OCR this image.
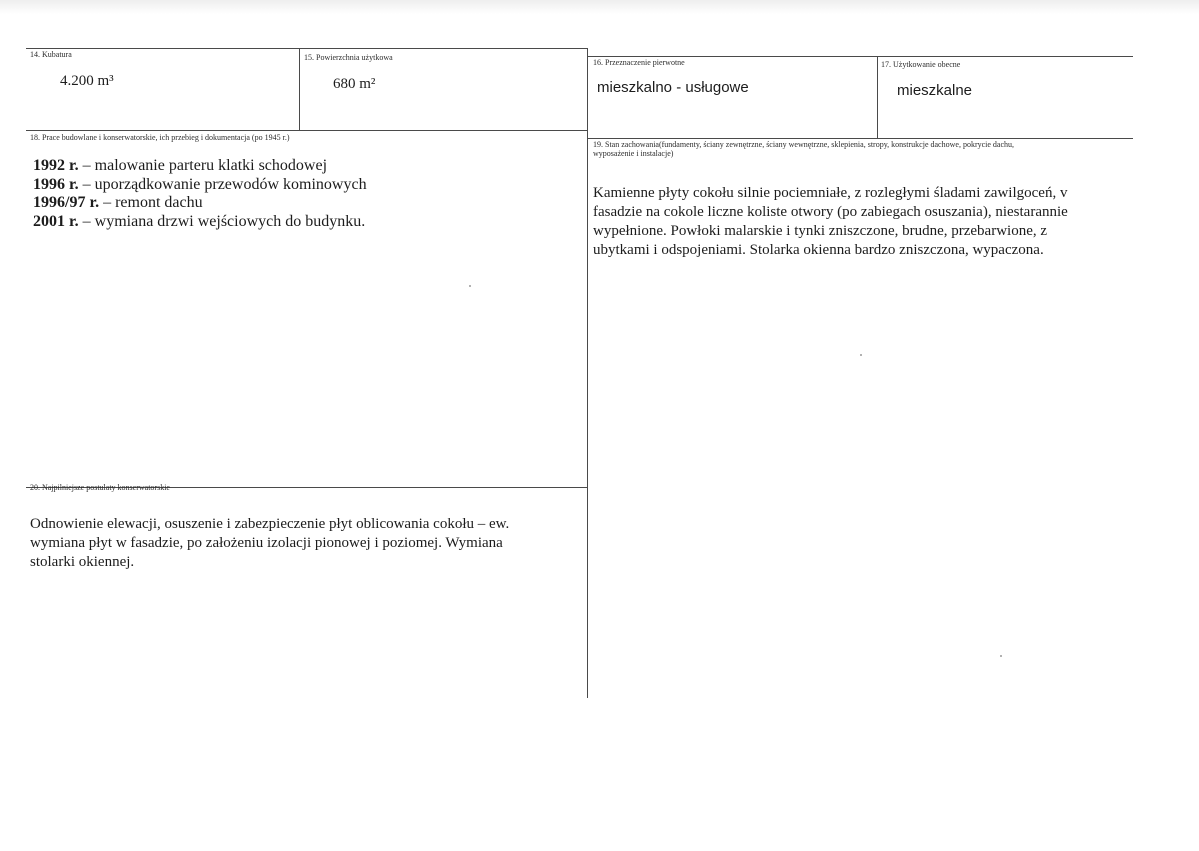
14. Kubatura
4.200 m³
15. Powierzchnia użytkowa
680 m²
16. Przeznaczenie pierwotne
mieszkalno - usługowe
17. Użytkowanie obecne
mieszkalne
18. Prace budowlane i konserwatorskie, ich przebieg i dokumentacja (po 1945 r.)
1992 r. – malowanie parteru klatki schodowej
1996 r. – uporządkowanie przewodów kominowych
1996/97 r. – remont dachu
2001 r. – wymiana drzwi wejściowych do budynku.
19. Stan zachowania(fundamenty, ściany zewnętrzne, ściany wewnętrzne, sklepienia, stropy, konstrukcje dachowe, pokrycie dachu,
wyposażenie i instalacje)
Kamienne płyty cokołu silnie pociemniałe, z rozległymi śladami zawilgoceń, v
fasadzie na cokole liczne koliste otwory (po zabiegach osuszania), niestarannie
wypełnione. Powłoki malarskie i tynki zniszczone, brudne, przebarwione, z
ubytkami i odspojeniami. Stolarka okienna bardzo zniszczona, wypaczona.
20. Najpilniejsze postulaty konserwatorskie
Odnowienie elewacji, osuszenie i zabezpieczenie płyt oblicowania cokołu – ew.
wymiana płyt w fasadzie, po założeniu izolacji pionowej i poziomej. Wymiana
stolarki okiennej.
